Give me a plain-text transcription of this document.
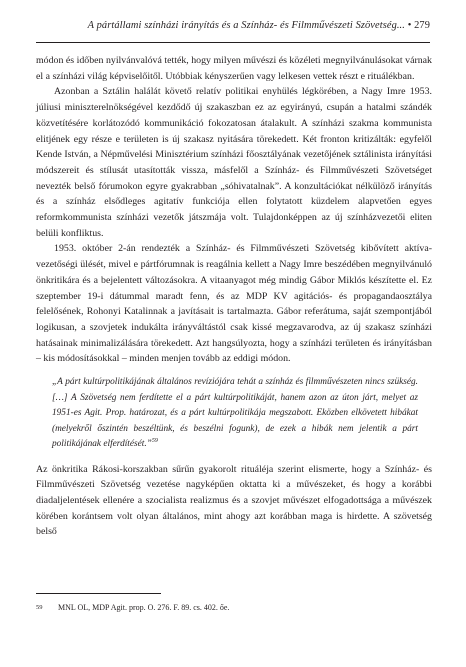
A pártállami színházi irányítás és a Színház- és Filmművészeti Szövetség... • 279

módon és időben nyilvánvalóvá tették, hogy milyen művészi és közéleti megnyilvánulásokat várnak el a színházi világ képviselőitől. Utóbbiak kényszerűen vagy lelkesen vettek részt e rituálékban.

Azonban a Sztálin halálát követő relatív politikai enyhülés légkörében, a Nagy Imre 1953. júliusi miniszterelnökségével kezdődő új szakaszban ez az egyirányú, csupán a hatalmi szándék közvetítésére korlátozódó kommunikáció fokozatosan átalakult. A színházi szakma kommunista elitjének egy része e területen is új szakasz nyitására törekedett. Két fronton kritizálták: egyfelől Kende István, a Népművelési Minisztérium színházi főosztályának vezetőjének sztálinista irányítási módszereit és stílusát utasították vissza, másfelől a Színház- és Filmművészeti Szövetséget nevezték belső fórumokon egyre gyakrabban „sóhivatalnak”. A konzultációkat nélkülöző irányítás és a színház elsődleges agitatív funkciója ellen folytatott küzdelem alapvetően egyes reformkommunista színházi vezetők játszmája volt. Tulajdonképpen az új színházvezetői eliten belüli konfliktus.

1953. október 2-án rendezték a Színház- és Filmművészeti Szövetség kibővített aktíva-vezetőségi ülését, mivel e pártfórumnak is reagálnia kellett a Nagy Imre beszédében megnyilvánuló önkritikára és a bejelentett változásokra. A vitaanyagot még mindig Gábor Miklós készítette el. Ez szeptember 19-i dátummal maradt fenn, és az MDP KV agitációs- és propagandaosztálya felelősének, Rohonyi Katalinnak a javításait is tartalmazta. Gábor referátuma, saját szempontjából logikusan, a szovjetek indukálta irányváltástól csak kissé megzavarodva, az új szakasz színházi hatásainak minimalizálására törekedett. Azt hangsúlyozta, hogy a színházi területen és irányításban – kis módosításokkal – minden menjen tovább az eddigi módon.

„A párt kultúrpolitikájának általános revíziójára tehát a színház és filmművészeten nincs szükség. […] A Szövetség nem ferdítette el a párt kultúrpolitikáját, hanem azon az úton járt, melyet az 1951-es Agit. Prop. határozat, és a párt kultúrpolitikája megszabott. Eközben elkövetett hibákat (melyekről őszintén beszéltünk, és beszélni fogunk), de ezek a hibák nem jelentik a párt politikájának elferdítését.”$^{59}$

Az önkritika Rákosi-korszakban sűrűn gyakorolt rituáléja szerint elismerte, hogy a Színház- és Filmművészeti Szövetség vezetése nagyképűen oktatta ki a művészeket, és hogy a korábbi diadaljelentések ellenére a szocialista realizmus és a szovjet művészet elfogadottsága a művészek körében korántsem volt olyan általános, mint ahogy azt korábban maga is hirdette. A szövetség belső

59 MNL OL, MDP Agit. prop. O. 276. F. 89. cs. 402. őe.
